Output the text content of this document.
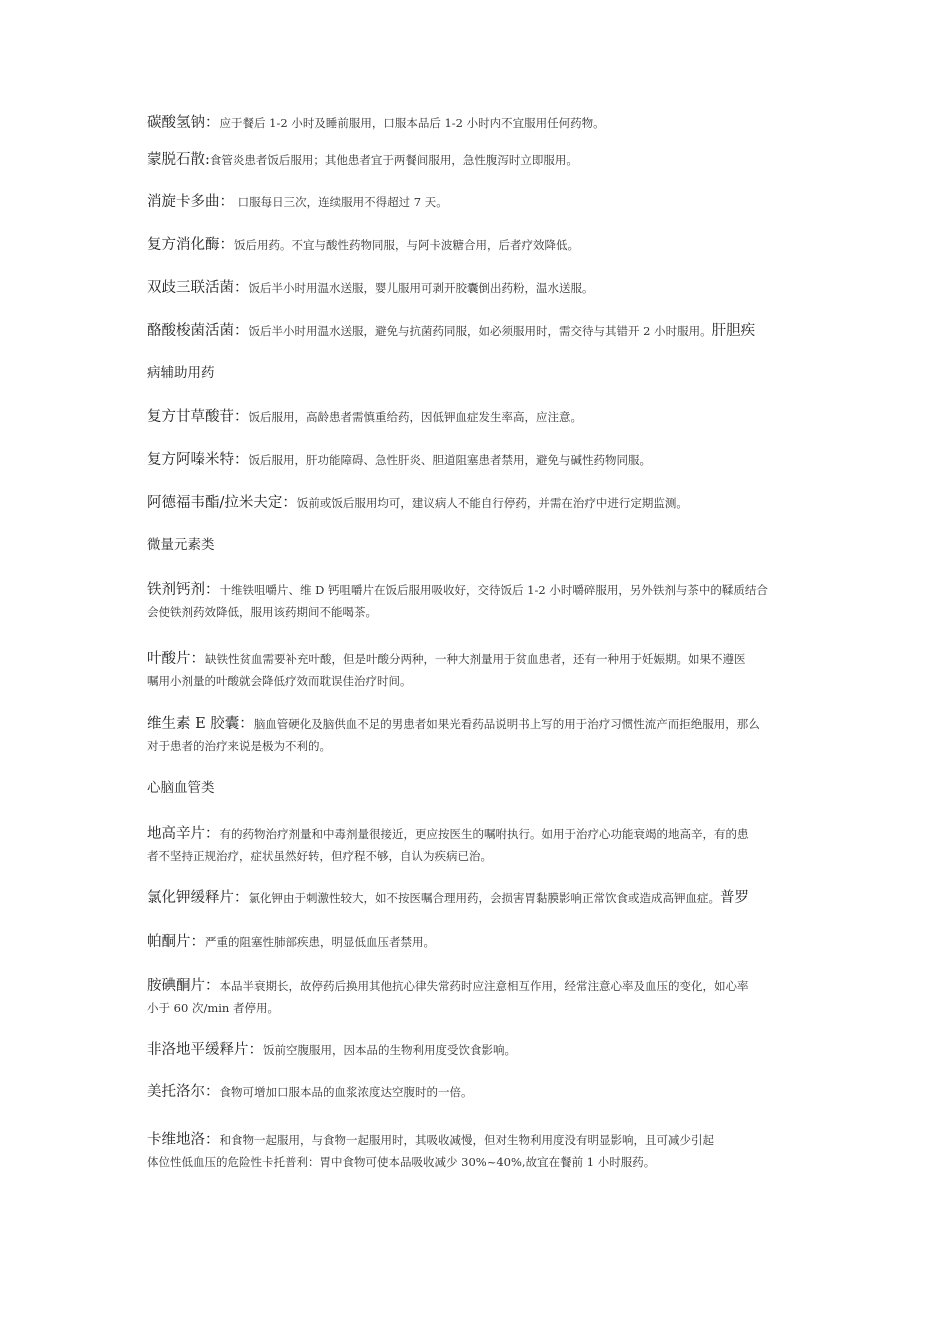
碳酸氢钠：应于餐后 1-2 小时及睡前服用，口服本品后 1-2 小时内不宜服用任何药物。

蒙脱石散:食管炎患者饭后服用；其他患者宜于两餐间服用，急性腹泻时立即服用。

消旋卡多曲： 口服每日三次，连续服用不得超过 7 天。

复方消化酶：饭后用药。不宜与酸性药物同服，与阿卡波糖合用，后者疗效降低。

双歧三联活菌：饭后半小时用温水送服，婴儿服用可剥开胶囊倒出药粉，温水送服。

酪酸梭菌活菌：饭后半小时用温水送服，避免与抗菌药同服，如必须服用时，需交待与其错开 2 小时服用。肝胆疾

病辅助用药

复方甘草酸苷：饭后服用，高龄患者需慎重给药，因低钾血症发生率高，应注意。

复方阿嗪米特：饭后服用，肝功能障碍、急性肝炎、胆道阻塞患者禁用，避免与碱性药物同服。

阿德福韦酯/拉米夫定：饭前或饭后服用均可，建议病人不能自行停药，并需在治疗中进行定期监测。

微量元素类

铁剂钙剂：十维铁咀嚼片、维 D 钙咀嚼片在饭后服用吸收好，交待饭后 1-2 小时嚼碎服用，另外铁剂与茶中的鞣质结合
会使铁剂药效降低，服用该药期间不能喝茶。

叶酸片：缺铁性贫血需要补充叶酸，但是叶酸分两种，一种大剂量用于贫血患者，还有一种用于妊娠期。如果不遵医
嘱用小剂量的叶酸就会降低疗效而耽误佳治疗时间。

维生素 E 胶囊：脑血管硬化及脑供血不足的男患者如果光看药品说明书上写的用于治疗习惯性流产而拒绝服用，那么
对于患者的治疗来说是极为不利的。

心脑血管类

地高辛片：有的药物治疗剂量和中毒剂量很接近，更应按医生的嘱咐执行。如用于治疗心功能衰竭的地高辛，有的患
者不坚持正规治疗，症状虽然好转，但疗程不够，自认为疾病已治。

氯化钾缓释片：氯化钾由于刺激性较大，如不按医嘱合理用药，会损害胃黏膜影响正常饮食或造成高钾血症。普罗

帕酮片：严重的阻塞性肺部疾患，明显低血压者禁用。

胺碘酮片：本品半衰期长，故停药后换用其他抗心律失常药时应注意相互作用，经常注意心率及血压的变化，如心率
小于 60 次/min 者停用。

非洛地平缓释片：饭前空腹服用，因本品的生物利用度受饮食影响。

美托洛尔：食物可增加口服本品的血浆浓度达空腹时的一倍。

卡维地洛：和食物一起服用，与食物一起服用时，其吸收减慢，但对生物利用度没有明显影响，且可减少引起
体位性低血压的危险性卡托普利：胃中食物可使本品吸收减少 30%~40%,故宜在餐前 1 小时服药。
